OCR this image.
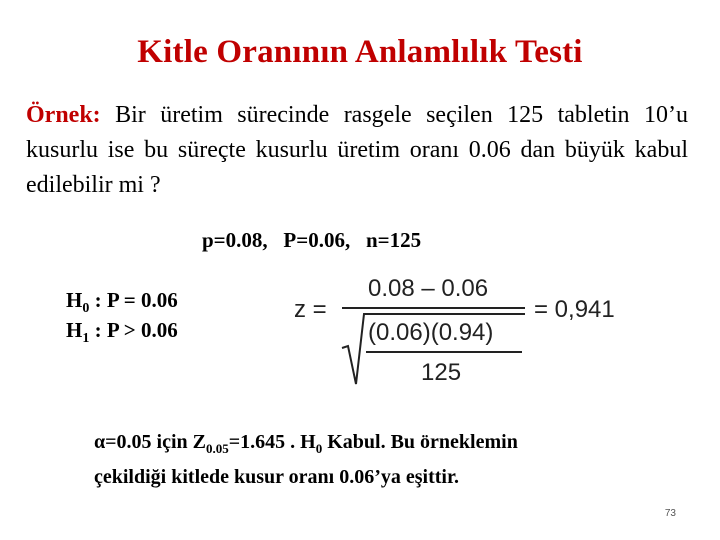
Kitle Oranının Anlamlılık Testi

Örnek: Bir üretim sürecinde rasgele seçilen 125 tabletin 10’u kusurlu ise bu süreçte kusurlu üretim oranı 0.06 dan büyük kabul edilebilir mi ?

p=0.08, P=0.06, n=125
$H_0$ : P = 0.06
$H_1$ : P > 0.06
z =
0.08 – 0.06
(0.06)(0.94)
125
= 0,941
α=0.05 için $Z_{0.05}=1.645$ . $H_0$ Kabul. Bu örneklemin
çekildiği kitlede kusur oranı 0.06’ya eşittir.
73
